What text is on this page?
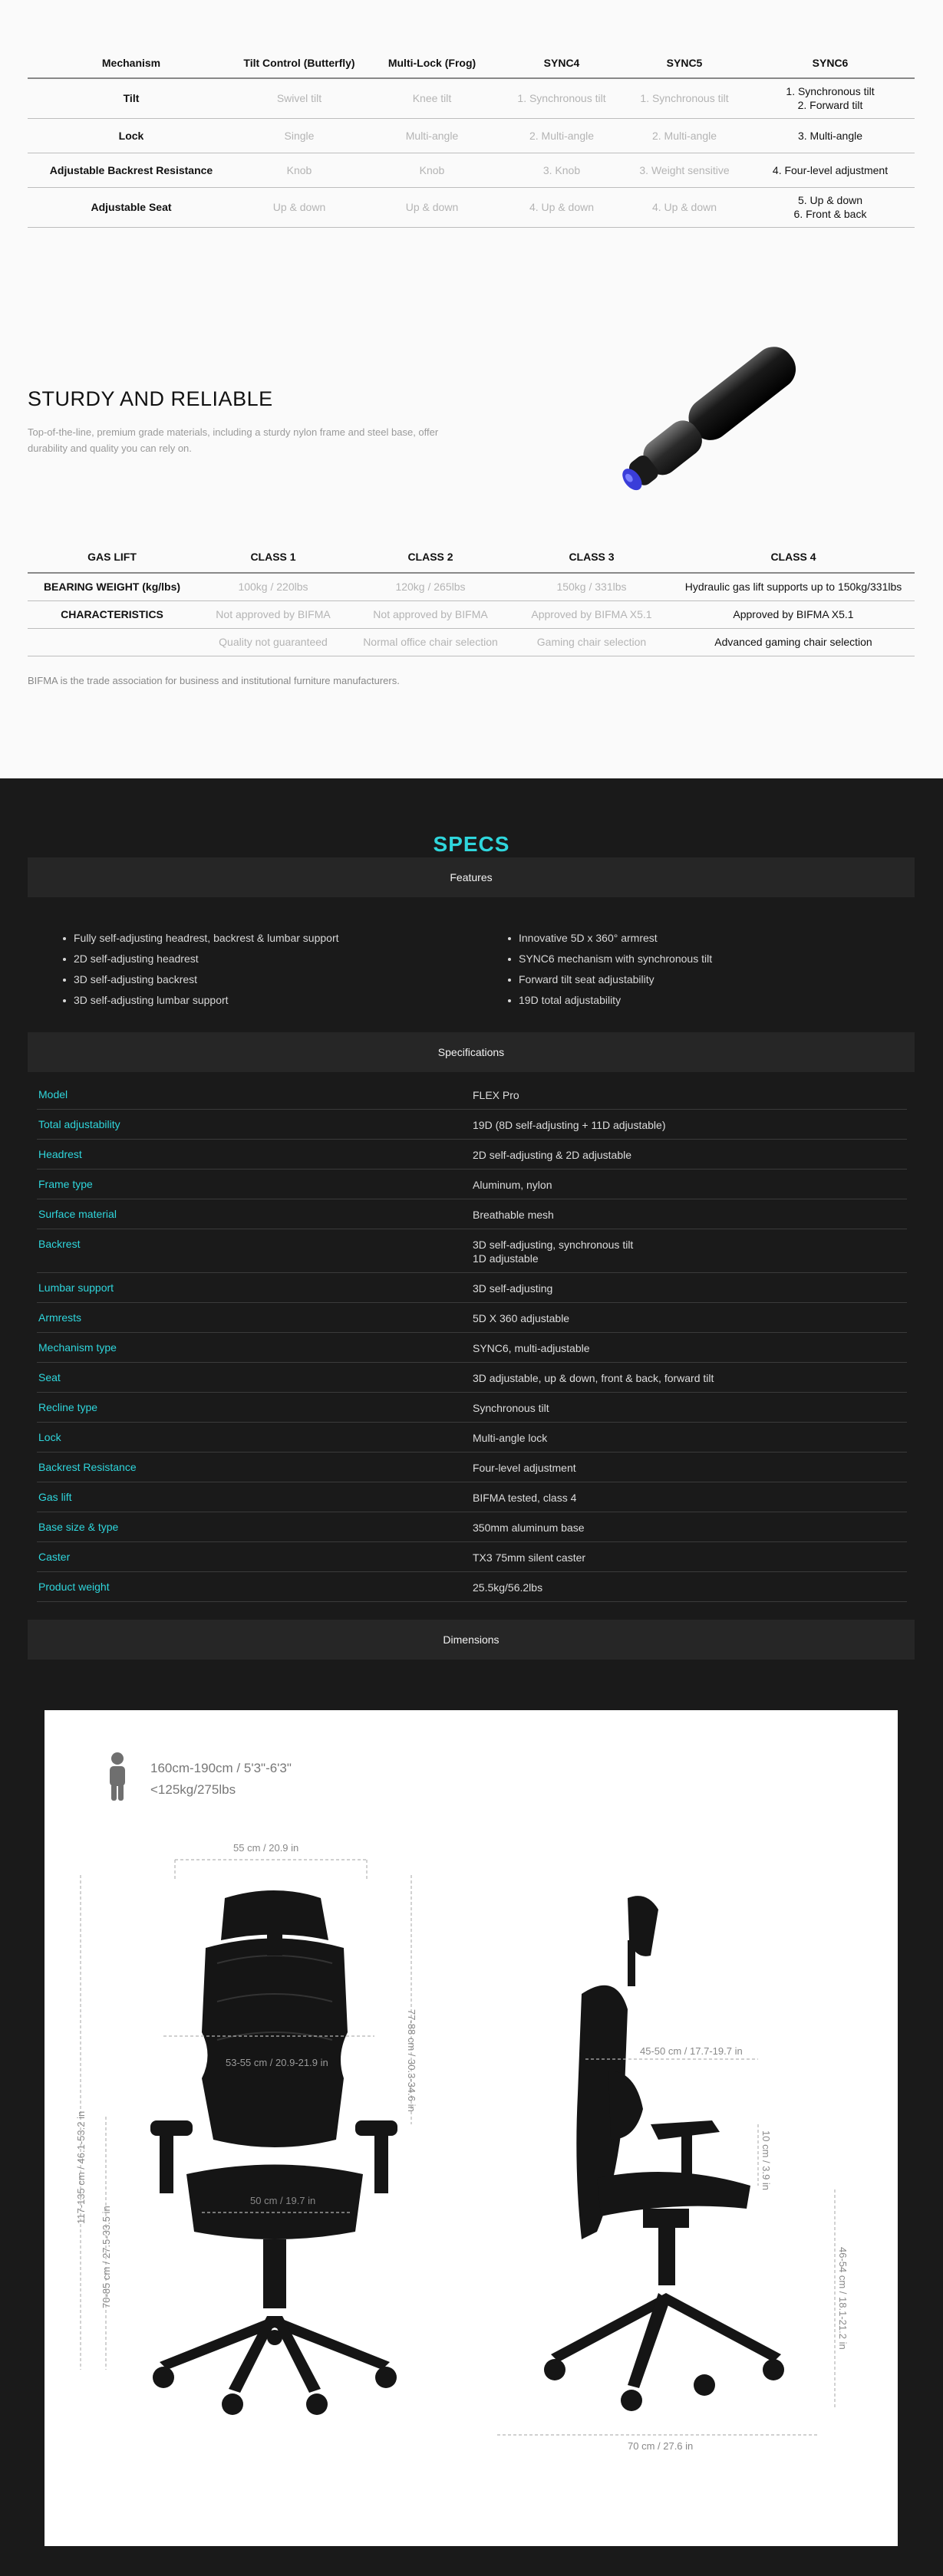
Mechanism	Tilt Control (Butterfly)	Multi-Lock (Frog)	SYNC4	SYNC5	SYNC6
Tilt	Swivel tilt	Knee tilt	1. Synchronous tilt	1. Synchronous tilt	1. Synchronous tilt
2. Forward tilt
Lock	Single	Multi-angle	2. Multi-angle	2. Multi-angle	3. Multi-angle
Adjustable Backrest Resistance	Knob	Knob	3. Knob	3. Weight sensitive	4. Four-level adjustment
Adjustable Seat	Up & down	Up & down	4. Up & down	4. Up & down	5. Up & down
6. Front & back
STURDY AND RELIABLE

Top-of-the-line, premium grade materials, including a sturdy nylon frame and steel base, offer durability and quality you can rely on.

GAS LIFT	CLASS 1	CLASS 2	CLASS 3	CLASS 4
BEARING WEIGHT (kg/lbs)	100kg / 220lbs	120kg / 265lbs	150kg / 331lbs	Hydraulic gas lift supports up to 150kg/331lbs
CHARACTERISTICS	Not approved by BIFMA	Not approved by BIFMA	Approved by BIFMA X5.1	Approved by BIFMA X5.1
	Quality not guaranteed	Normal office chair selection	Gaming chair selection	Advanced gaming chair selection

BIFMA is the trade association for business and institutional furniture manufacturers.

SPECS
Features
Fully self-adjusting headrest, backrest & lumbar support
2D self-adjusting headrest
3D self-adjusting backrest
3D self-adjusting lumbar support
Innovative 5D x 360° armrest
SYNC6 mechanism with synchronous tilt
Forward tilt seat adjustability
19D total adjustability
Specifications
Model	FLEX Pro
Total adjustability	19D (8D self-adjusting + 11D adjustable)
Headrest	2D self-adjusting & 2D adjustable
Frame type	Aluminum, nylon
Surface material	Breathable mesh
Backrest	3D self-adjusting, synchronous tilt
1D adjustable
Lumbar support	3D self-adjusting
Armrests	5D X 360 adjustable
Mechanism type	SYNC6, multi-adjustable
Seat	3D adjustable, up & down, front & back, forward tilt
Recline type	Synchronous tilt
Lock	Multi-angle lock
Backrest Resistance	Four-level adjustment
Gas lift	BIFMA tested, class 4
Base size & type	350mm aluminum base
Caster	TX3 75mm silent caster
Product weight	25.5kg/56.2lbs
Dimensions
160cm-190cm / 5'3"-6'3"
<125kg/275lbs
55 cm / 20.9 in
53-55 cm / 20.9-21.9 in
50 cm / 19.7 in
117-135 cm / 46.1-53.2 in
77-88 cm / 30.3-34.6 in
70-85 cm / 27.5-33.5 in
45-50 cm / 17.7-19.7 in
10 cm / 3.9 in
46-54 cm / 18.1-21.2 in
70 cm / 27.6 in
